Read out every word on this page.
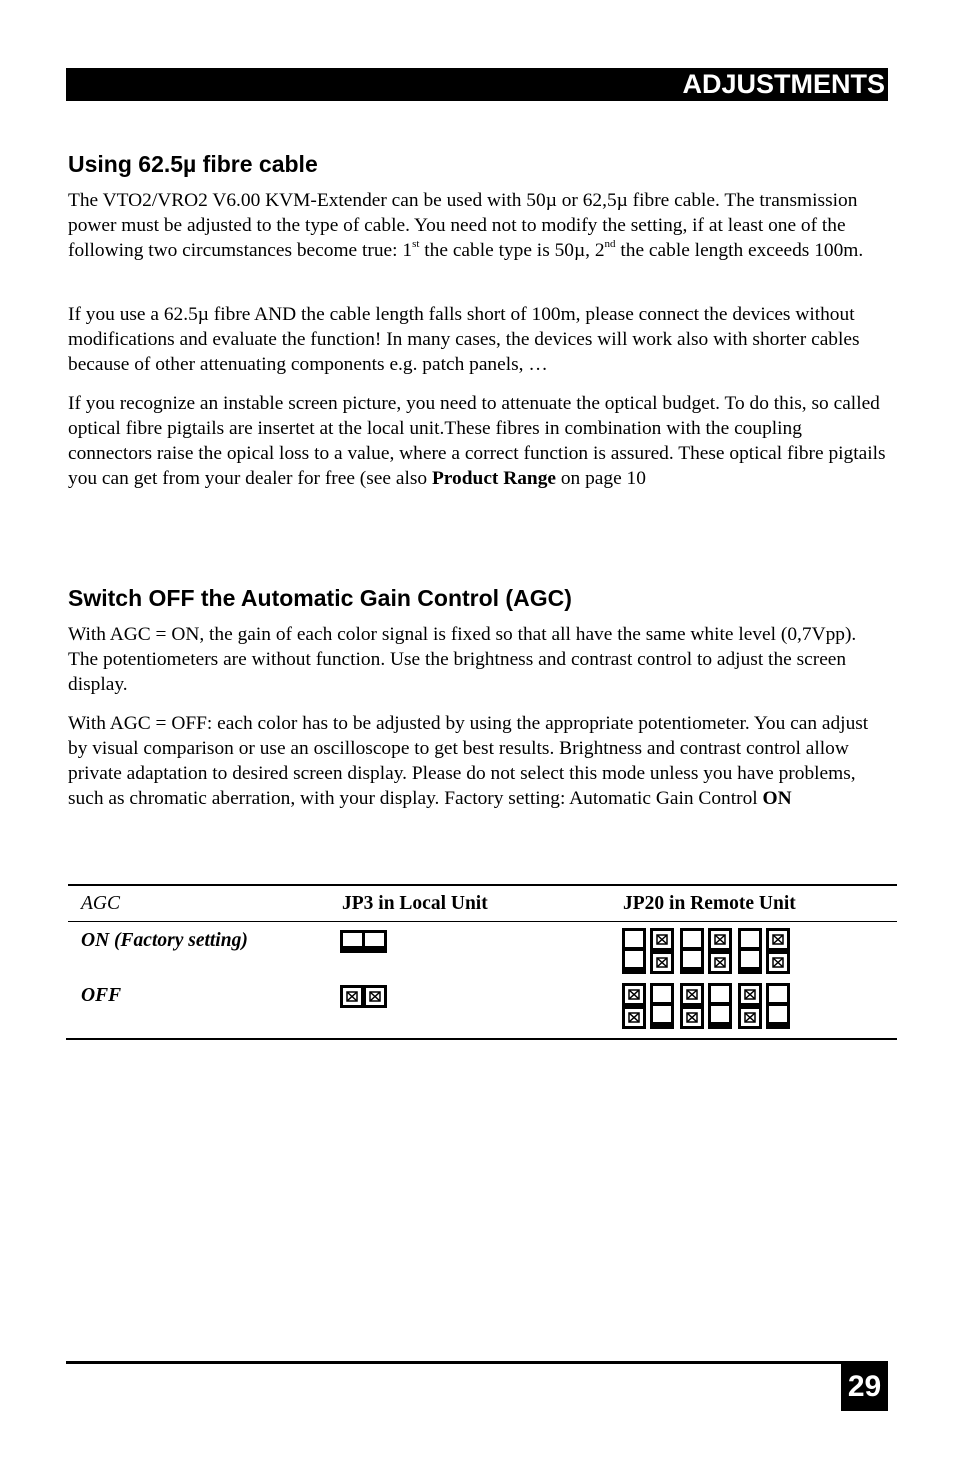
ADJUSTMENTS
Using 62.5µ fibre cable

The VTO2/VRO2 V6.00 KVM-Extender can be used with 50µ or 62,5µ fibre cable. The transmission power must be adjusted to the type of cable. You need not to modify the setting, if at least one of the following two circumstances become true: 1st the cable type is 50µ, 2nd the cable length exceeds 100m.

If you use a 62.5µ fibre AND the cable length falls short of 100m, please connect the devices without modifications and evaluate the function! In many cases, the devices will work also with shorter cables because of other attenuating components e.g. patch panels, …

If you recognize an instable screen picture, you need to attenuate the optical budget. To do this, so called optical fibre pigtails are insertet at the local unit.These fibres in combination with the coupling connectors raise the opical loss to a value, where a correct function is assured. These optical fibre pigtails you can get from your dealer for free (see also Product Range on page 10

Switch OFF the Automatic Gain Control (AGC)

With AGC = ON, the gain of each color signal is fixed so that all have the same white level (0,7Vpp). The potentiometers are without function. Use the brightness and contrast control to adjust the screen display.

With AGC = OFF: each color has to be adjusted by using the appropriate potentiometer. You can adjust by visual comparison or use an oscilloscope to get best results. Brightness and contrast control allow private adaptation to desired screen display. Please do not select this mode unless you have problems, such as chromatic aberration, with your display. Factory setting: Automatic Gain Control ON

AGC	JP3 in Local Unit	JP20 in Remote Unit
ON (Factory setting)
OFF
29
